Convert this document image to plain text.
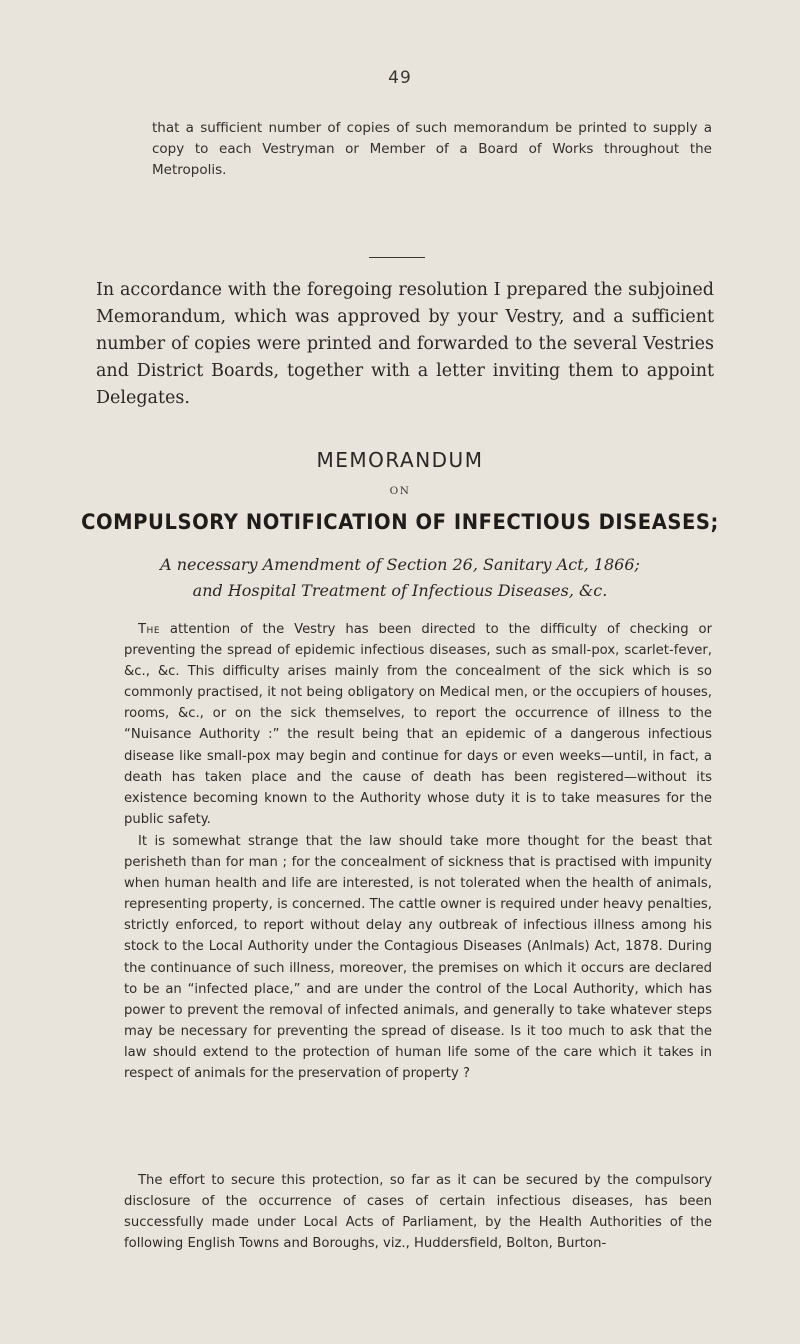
49

that a sufficient number of copies of such memorandum be printed to supply a copy to each Vestryman or Member of a Board of Works throughout the Metropolis.

In accordance with the foregoing resolution I prepared the subjoined Memorandum, which was approved by your Vestry, and a sufficient number of copies were printed and forwarded to the several Vestries and District Boards, together with a letter inviting them to appoint Delegates.

MEMORANDUM
ON
COMPULSORY NOTIFICATION OF INFECTIOUS DISEASES;
A necessary Amendment of Section 26, Sanitary Act, 1866;
and Hospital Treatment of Infectious Diseases, &c.

The attention of the Vestry has been directed to the difficulty of checking or preventing the spread of epidemic infectious diseases, such as small-pox, scarlet-fever, &c., &c. This difficulty arises mainly from the concealment of the sick which is so commonly practised, it not being obligatory on Medical men, or the occupiers of houses, rooms, &c., or on the sick themselves, to report the occurrence of illness to the “Nuisance Authority :” the result being that an epidemic of a dangerous infectious disease like small-pox may begin and continue for days or even weeks—until, in fact, a death has taken place and the cause of death has been registered—without its existence becoming known to the Authority whose duty it is to take measures for the public safety.

It is somewhat strange that the law should take more thought for the beast that perisheth than for man ; for the concealment of sickness that is practised with impunity when human health and life are interested, is not tolerated when the health of animals, representing property, is concerned. The cattle owner is required under heavy penalties, strictly enforced, to report without delay any outbreak of infectious illness among his stock to the Local Authority under the Contagious Diseases (Anlmals) Act, 1878. During the continuance of such illness, moreover, the premises on which it occurs are declared to be an “infected place,” and are under the control of the Local Authority, which has power to prevent the removal of infected animals, and generally to take whatever steps may be necessary for preventing the spread of disease. Is it too much to ask that the law should extend to the protection of human life some of the care which it takes in respect of animals for the preservation of property ?

The effort to secure this protection, so far as it can be secured by the compulsory disclosure of the occurrence of cases of certain infectious diseases, has been successfully made under Local Acts of Parliament, by the Health Authorities of the following English Towns and Boroughs, viz., Huddersfield, Bolton, Burton-
